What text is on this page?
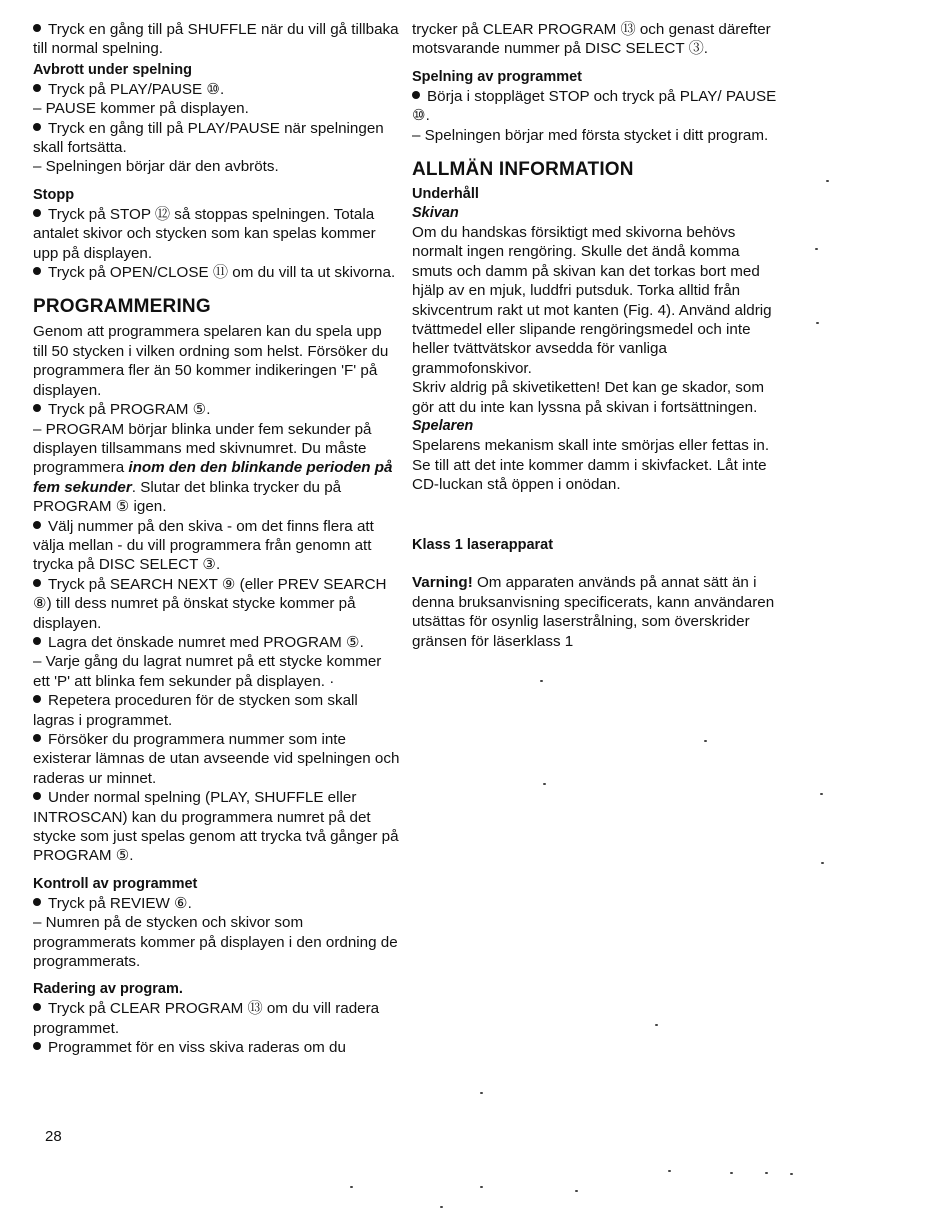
Tryck en gång till på SHUFFLE när du vill gå tillbaka till normal spelning.

Avbrott under spelning

Tryck på PLAY/PAUSE ⑩.

– PAUSE kommer på displayen.

Tryck en gång till på PLAY/PAUSE när spelningen skall fortsätta.

– Spelningen börjar där den avbröts.

Stopp

Tryck på STOP ⑫ så stoppas spelningen. Totala antalet skivor och stycken som kan spelas kommer upp på displayen.

Tryck på OPEN/CLOSE ⑪ om du vill ta ut skivorna.

PROGRAMMERING

Genom att programmera spelaren kan du spela upp till 50 stycken i vilken ordning som helst. Försöker du programmera fler än 50 kommer indikeringen 'F' på displayen.

Tryck på PROGRAM ⑤.

– PROGRAM börjar blinka under fem sekunder på displayen tillsammans med skivnumret. Du måste programmera inom den den blinkande perioden på fem sekunder. Slutar det blinka trycker du på PROGRAM ⑤ igen.

Välj nummer på den skiva - om det finns flera att välja mellan - du vill programmera från genomn att trycka på DISC SELECT ③.

Tryck på SEARCH NEXT ⑨ (eller PREV SEARCH ⑧) till dess numret på önskat stycke kommer på displayen.

Lagra det önskade numret med PROGRAM ⑤.

– Varje gång du lagrat numret på ett stycke kommer ett 'P' att blinka fem sekunder på displayen. ·

Repetera proceduren för de stycken som skall lagras i programmet.

Försöker du programmera nummer som inte existerar lämnas de utan avseende vid spelningen och raderas ur minnet.

Under normal spelning (PLAY, SHUFFLE eller INTROSCAN) kan du programmera numret på det stycke som just spelas genom att trycka två gånger på PROGRAM ⑤.

Kontroll av programmet

Tryck på REVIEW ⑥.

– Numren på de stycken och skivor som programmerats kommer på displayen i den ordning de programmerats.

Radering av program.

Tryck på CLEAR PROGRAM ⑬ om du vill radera programmet.

Programmet för en viss skiva raderas om du

trycker på CLEAR PROGRAM ⑬ och genast därefter motsvarande nummer på DISC SELECT ③.

Spelning av programmet

Börja i stoppläget STOP och tryck på PLAY/ PAUSE ⑩.

– Spelningen börjar med första stycket i ditt program.

ALLMÄN INFORMATION

Underhåll

Skivan

Om du handskas försiktigt med skivorna behövs normalt ingen rengöring. Skulle det ändå komma smuts och damm på skivan kan det torkas bort med hjälp av en mjuk, luddfri putsduk. Torka alltid från skivcentrum rakt ut mot kanten (Fig. 4). Använd aldrig tvättmedel eller slipande rengöringsmedel och inte heller tvättvätskor avsedda för vanliga grammofonskivor.

Skriv aldrig på skivetiketten! Det kan ge skador, som gör att du inte kan lyssna på skivan i fortsättningen.

Spelaren

Spelarens mekanism skall inte smörjas eller fettas in. Se till att det inte kommer damm i skivfacket. Låt inte CD-luckan stå öppen i onödan.

Klass 1 laserapparat

Varning! Om apparaten används på annat sätt än i denna bruksanvisning specificerats, kann användaren utsättas för osynlig laserstrålning, som överskrider gränsen för läserklass 1

28
